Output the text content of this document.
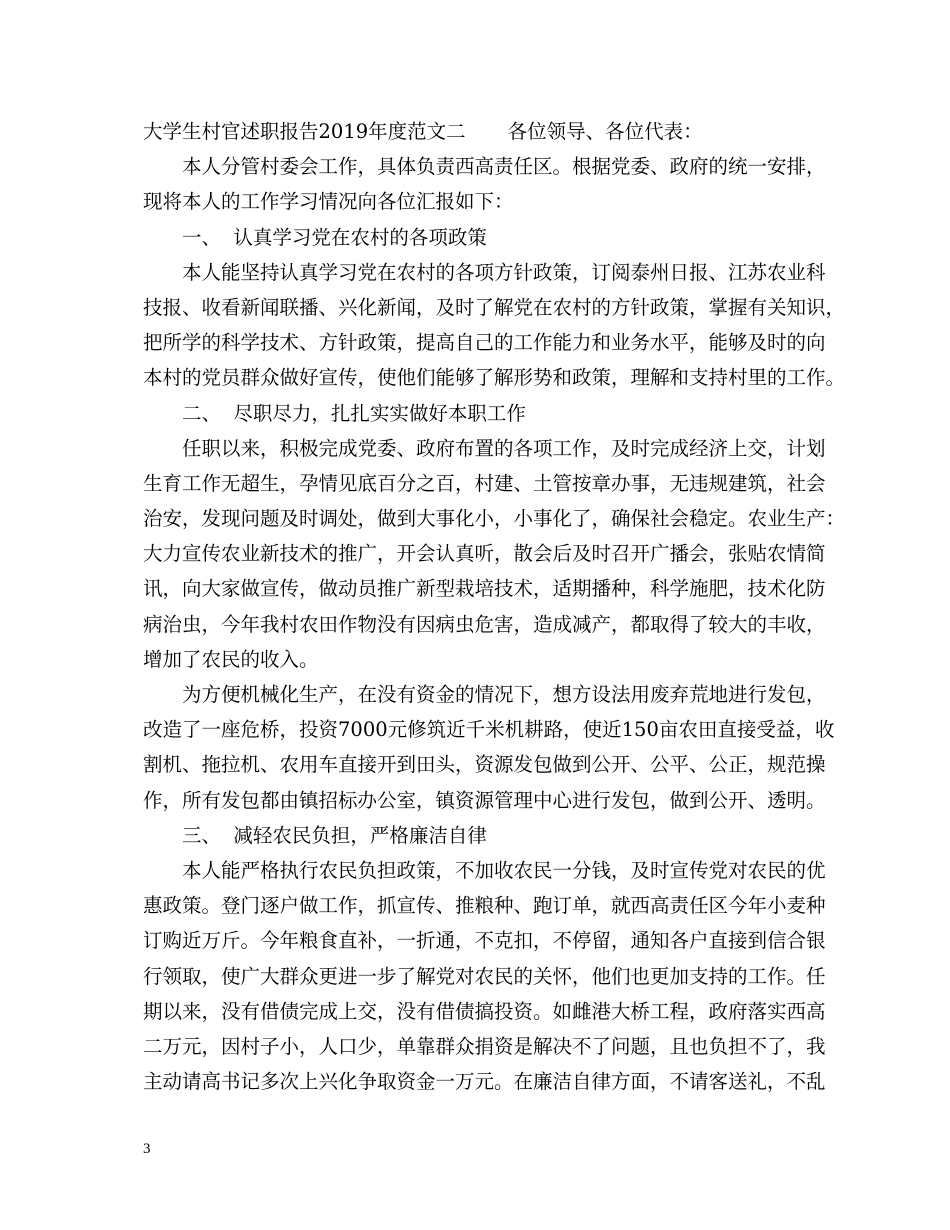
大学生村官述职报告2019年度范文二 各位领导、各位代表：
本人分管村委会工作，具体负责西高责任区。根据党委、政府的统一安排，
现将本人的工作学习情况向各位汇报如下：
一、  认真学习党在农村的各项政策
本人能坚持认真学习党在农村的各项方针政策，订阅泰州日报、江苏农业科
技报、收看新闻联播、兴化新闻，及时了解党在农村的方针政策，掌握有关知识，
把所学的科学技术、方针政策，提高自己的工作能力和业务水平，能够及时的向
本村的党员群众做好宣传，使他们能够了解形势和政策，理解和支持村里的工作。
二、  尽职尽力，扎扎实实做好本职工作
任职以来，积极完成党委、政府布置的各项工作，及时完成经济上交，计划
生育工作无超生，孕情见底百分之百，村建、土管按章办事，无违规建筑，社会
治安，发现问题及时调处，做到大事化小，小事化了，确保社会稳定。农业生产：
大力宣传农业新技术的推广，开会认真听，散会后及时召开广播会，张贴农情简
讯，向大家做宣传，做动员推广新型栽培技术，适期播种，科学施肥，技术化防
病治虫，今年我村农田作物没有因病虫危害，造成减产，都取得了较大的丰收，
增加了农民的收入。
为方便机械化生产，在没有资金的情况下，想方设法用废弃荒地进行发包，
改造了一座危桥，投资7000元修筑近千米机耕路，使近150亩农田直接受益，收
割机、拖拉机、农用车直接开到田头，资源发包做到公开、公平、公正，规范操
作，所有发包都由镇招标办公室，镇资源管理中心进行发包，做到公开、透明。
三、  减轻农民负担，严格廉洁自律
本人能严格执行农民负担政策，不加收农民一分钱，及时宣传党对农民的优
惠政策。登门逐户做工作，抓宣传、推粮种、跑订单，就西高责任区今年小麦种
订购近万斤。今年粮食直补，一折通，不克扣，不停留，通知各户直接到信合银
行领取，使广大群众更进一步了解党对农民的关怀，他们也更加支持的工作。任
期以来，没有借债完成上交，没有借债搞投资。如雌港大桥工程，政府落实西高
二万元，因村子小，人口少，单靠群众捐资是解决不了问题，且也负担不了，我
主动请高书记多次上兴化争取资金一万元。在廉洁自律方面，不请客送礼，不乱
3
